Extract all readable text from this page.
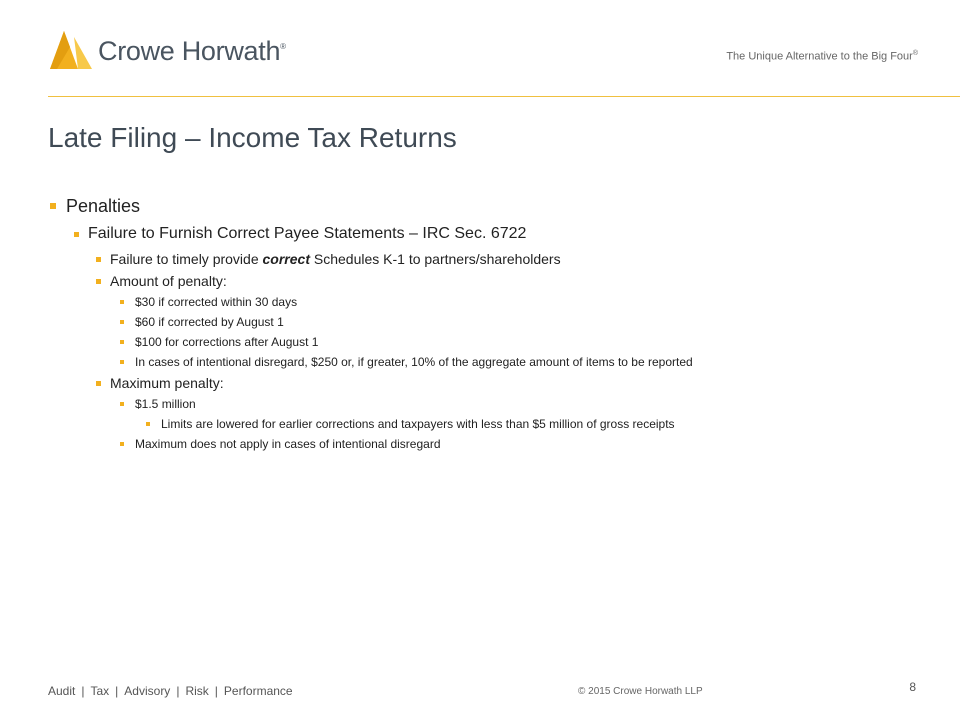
Crowe Horwath®
The Unique Alternative to the Big Four®
Late Filing – Income Tax Returns
Penalties
Failure to Furnish Correct Payee Statements – IRC Sec. 6722
Failure to timely provide correct Schedules K-1 to partners/shareholders
Amount of penalty:
$30 if corrected within 30 days
$60 if corrected by August 1
$100 for corrections after August 1
In cases of intentional disregard, $250 or, if greater, 10% of the aggregate amount of items to be reported
Maximum penalty:
$1.5 million
Limits are lowered for earlier corrections and taxpayers with less than $5 million of gross receipts
Maximum does not apply in cases of intentional disregard
Audit | Tax | Advisory | Risk | Performance	© 2015 Crowe Horwath LLP	8
